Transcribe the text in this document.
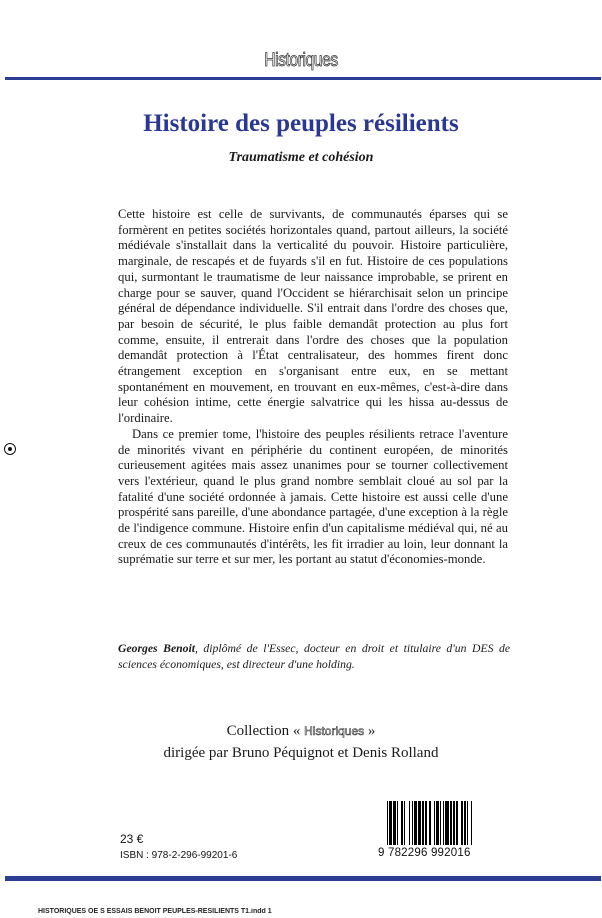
Historiques
Histoire des peuples résilients
Traumatisme et cohésion

Cette histoire est celle de survivants, de communautés éparses qui se formèrent en petites sociétés horizontales quand, partout ailleurs, la société médiévale s'installait dans la verticalité du pouvoir. Histoire particulière, marginale, de rescapés et de fuyards s'il en fut. Histoire de ces populations qui, surmontant le traumatisme de leur naissance improbable, se prirent en charge pour se sauver, quand l'Occident se hiérarchisait selon un principe général de dépendance individuelle. S'il entrait dans l'ordre des choses que, par besoin de sécurité, le plus faible demandât protection au plus fort comme, ensuite, il entrerait dans l'ordre des choses que la population demandât protection à l'État centralisateur, des hommes firent donc étrangement exception en s'organisant entre eux, en se mettant spontanément en mouvement, en trouvant en eux-mêmes, c'est-à-dire dans leur cohésion intime, cette énergie salvatrice qui les hissa au-dessus de l'ordinaire.

Dans ce premier tome, l'histoire des peuples résilients retrace l'aventure de minorités vivant en périphérie du continent européen, de minorités curieusement agitées mais assez unanimes pour se tourner collectivement vers l'extérieur, quand le plus grand nombre semblait cloué au sol par la fatalité d'une société ordonnée à jamais. Cette histoire est aussi celle d'une prospérité sans pareille, d'une abondance partagée, d'une exception à la règle de l'indigence commune. Histoire enfin d'un capitalisme médiéval qui, né au creux de ces communautés d'intérêts, les fit irradier au loin, leur donnant la suprématie sur terre et sur mer, les portant au statut d'économies-monde.

Georges Benoit, diplômé de l'Essec, docteur en droit et titulaire d'un DES de sciences économiques, est directeur d'une holding.
Collection « Historiques »
dirigée par Bruno Péquignot et Denis Rolland
23 €
ISBN : 978-2-296-99201-6	9 782296 992016
HISTORIQUES OE S ESSAIS BENOIT PEUPLES-RESILIENTS T1.indd 1
